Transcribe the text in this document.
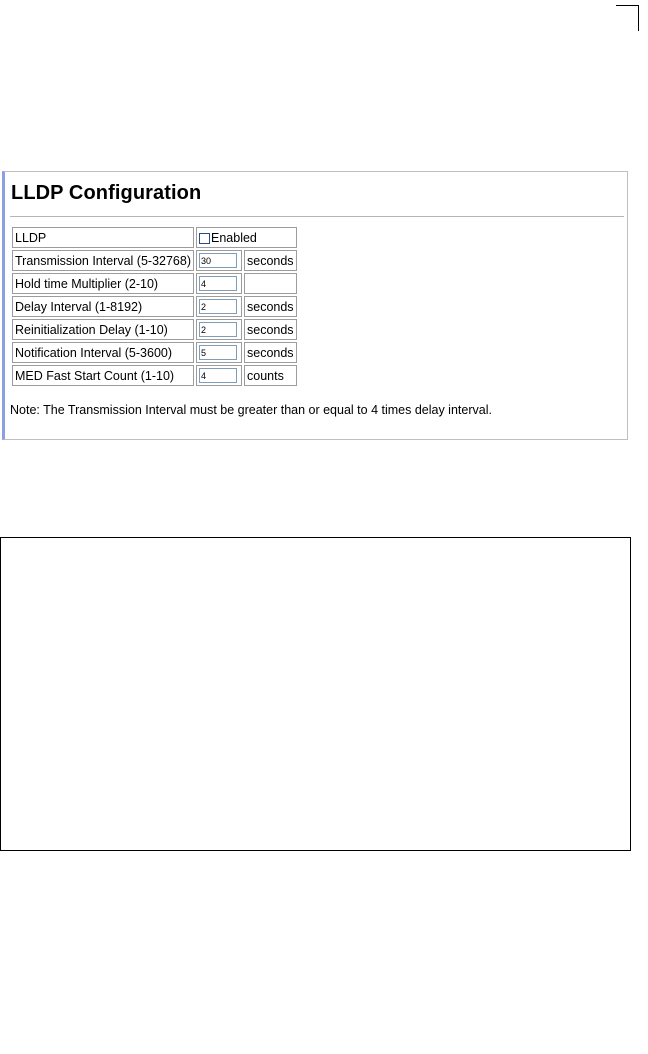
LLDP Configuration
LLDP	Enabled	
Transmission Interval (5-32768)	30	seconds
Hold time Multiplier (2-10)	4	
Delay Interval (1-8192)	2	seconds
Reinitialization Delay (1-10)	2	seconds
Notification Interval (5-3600)	5	seconds
MED Fast Start Count (1-10)	4	counts
Note: The Transmission Interval must be greater than or equal to 4 times delay interval.
